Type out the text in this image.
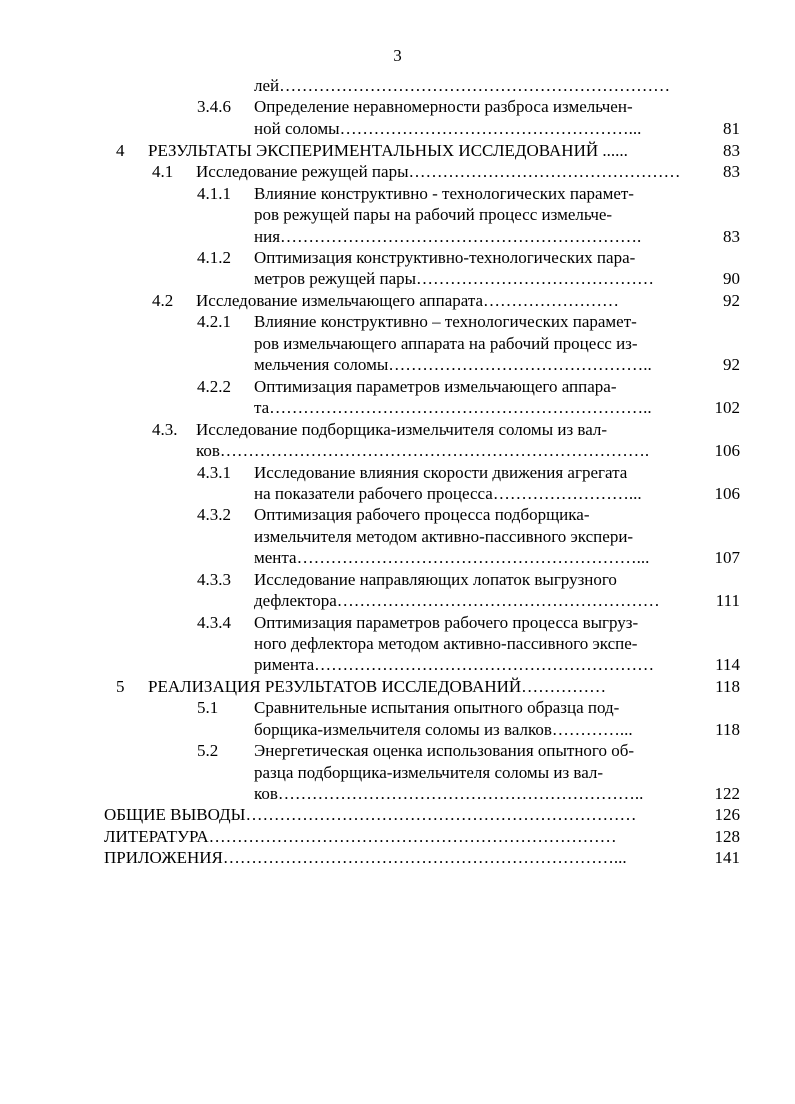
3
лей……………………………………………………………
3.4.6 Определение неравномерности разброса измельчен-
ной соломы……………………………………………...	81
4 РЕЗУЛЬТАТЫ ЭКСПЕРИМЕНТАЛЬНЫХ ИССЛЕДОВАНИЙ ......	83
4.1 Исследование режущей пары…………………………………………	83
4.1.1 Влияние конструктивно - технологических парамет-
ров режущей пары на рабочий процесс измельче-
ния……………………………………………………….	83
4.1.2 Оптимизация конструктивно-технологических пара-
метров режущей пары……………………………………	90
4.2 Исследование измельчающего аппарата……………………	92
4.2.1 Влияние конструктивно – технологических парамет-
ров измельчающего аппарата на рабочий процесс из-
мельчения соломы………………………………………..	92
4.2.2 Оптимизация параметров измельчающего аппара-
та…………………………………………………………..	102
4.3. Исследование подборщика-измельчителя соломы из вал-
ков………………………………………………………………….	106
4.3.1 Исследование влияния скорости движения агрегата
на показатели рабочего процесса……………………...	106
4.3.2 Оптимизация рабочего процесса подборщика-
измельчителя методом активно-пассивного экспери-
мента……………………………………………………...	107
4.3.3 Исследование направляющих лопаток выгрузного
дефлектора…………………………………………………	111
4.3.4 Оптимизация параметров рабочего процесса выгруз-
ного дефлектора методом активно-пассивного экспе-
римента……………………………………………………	114
5 РЕАЛИЗАЦИЯ РЕЗУЛЬТАТОВ ИССЛЕДОВАНИЙ……………	118
5.1 Сравнительные испытания опытного образца под-
борщика-измельчителя соломы из валков…………...	118
5.2 Энергетическая оценка использования опытного об-
разца подборщика-измельчителя соломы из вал-
ков………………………………………………………..	122
ОБЩИЕ ВЫВОДЫ……………………………………………………………	126
ЛИТЕРАТУРА………………………………………………………………	128
ПРИЛОЖЕНИЯ……………………………………………………………...	141
